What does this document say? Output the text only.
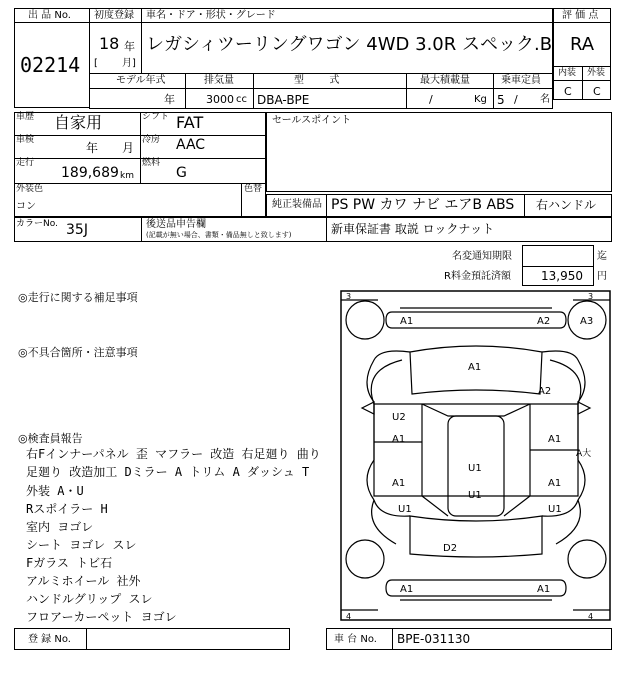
出 品 No.
02214
初度登録
18 年
[ 月]
車名・ドア・形状・グレード
レガシィツーリングワゴン 4WD 3.0R スペック.B
評 価 点
RA
内装 外装
C C
モデル年式
年
排気量
3000 cc
型        式
DBA-BPE
最大積載量
/	Kg
乗車定員
5 / 名
車歴 自家用	シフト FAT
車検
年 月
冷房 AAC
走行
189,689 km
燃料
G
セールスポイント
外装色
コン
色替
純正装備品 PS PW カワ ナビ エアB ABS 右ハンドル
カラーNo. 35J	後送品申告欄
(記載が無い場合、書類・備品無しと致します)	新車保証書 取説 ロックナット
名変通知期限	迄
R料金預託済額	13,950 円
◎走行に関する補足事項
◎不具合箇所・注意事項
◎検査員報告
右Fインナーパネル 歪 マフラー 改造 右足廻り 曲り
足廻り 改造加工 Dミラー A トリム A ダッシュ T
外装 A・U
Rスポイラー H
室内 ヨゴレ
シート ヨゴレ スレ
Fガラス トビ石
アルミホイール 社外
ハンドルグリップ スレ
フロアーカーペット ヨゴレ
3	3
4	4
A1	A2	A3
A1
A2
U2
A1
A1
U1
U1
U1
A1
A1
A大
U1
D2
A1	A1
登 録 No.	車 台 No. BPE-031130
